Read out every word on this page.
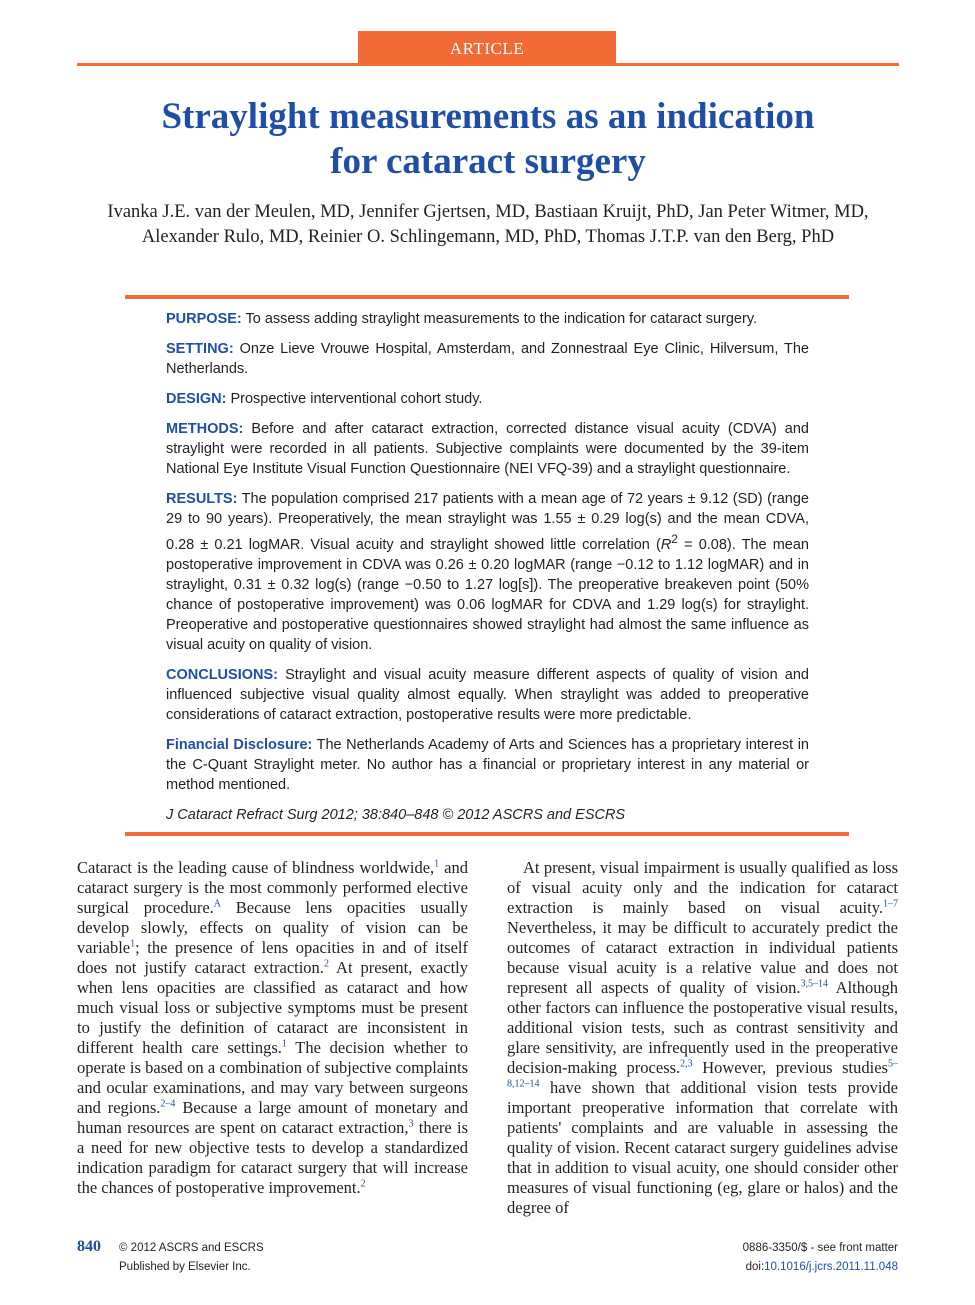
ARTICLE
Straylight measurements as an indication
for cataract surgery

Ivanka J.E. van der Meulen, MD, Jennifer Gjertsen, MD, Bastiaan Kruijt, PhD, Jan Peter Witmer, MD,
Alexander Rulo, MD, Reinier O. Schlingemann, MD, PhD, Thomas J.T.P. van den Berg, PhD

PURPOSE: To assess adding straylight measurements to the indication for cataract surgery.

SETTING: Onze Lieve Vrouwe Hospital, Amsterdam, and Zonnestraal Eye Clinic, Hilversum, The Netherlands.

DESIGN: Prospective interventional cohort study.

METHODS: Before and after cataract extraction, corrected distance visual acuity (CDVA) and straylight were recorded in all patients. Subjective complaints were documented by the 39-item National Eye Institute Visual Function Questionnaire (NEI VFQ-39) and a straylight questionnaire.

RESULTS: The population comprised 217 patients with a mean age of 72 years ± 9.12 (SD) (range 29 to 90 years). Preoperatively, the mean straylight was 1.55 ± 0.29 log(s) and the mean CDVA, 0.28 ± 0.21 logMAR. Visual acuity and straylight showed little correlation $(R^2 = 0.08)$. The mean postoperative improvement in CDVA was 0.26 ± 0.20 logMAR (range −0.12 to 1.12 logMAR) and in straylight, 0.31 ± 0.32 log(s) (range −0.50 to 1.27 log[s]). The preoperative breakeven point (50% chance of postoperative improvement) was 0.06 logMAR for CDVA and 1.29 log(s) for straylight. Preoperative and postoperative questionnaires showed straylight had almost the same influence as visual acuity on quality of vision.

CONCLUSIONS: Straylight and visual acuity measure different aspects of quality of vision and influenced subjective visual quality almost equally. When straylight was added to preoperative considerations of cataract extraction, postoperative results were more predictable.

Financial Disclosure: The Netherlands Academy of Arts and Sciences has a proprietary interest in the C-Quant Straylight meter. No author has a financial or proprietary interest in any material or method mentioned.

J Cataract Refract Surg 2012; 38:840–848 © 2012 ASCRS and ESCRS

Cataract is the leading cause of blindness worldwide,$^1$ and cataract surgery is the most commonly performed elective surgical procedure.$^A$ Because lens opacities usually develop slowly, effects on quality of vision can be variable$^1$; the presence of lens opacities in and of itself does not justify cataract extraction.$^2$ At present, exactly when lens opacities are classified as cataract and how much visual loss or subjective symptoms must be present to justify the definition of cataract are inconsistent in different health care settings.$^1$ The decision whether to operate is based on a combination of subjective complaints and ocular examinations, and may vary between surgeons and regions.$^{2-4}$ Because a large amount of monetary and human resources are spent on cataract extraction,$^3$ there is a need for new objective tests to develop a standardized indication paradigm for cataract surgery that will increase the chances of postoperative improvement.$^2$

At present, visual impairment is usually qualified as loss of visual acuity only and the indication for cataract extraction is mainly based on visual acuity.$^{1-7}$ Nevertheless, it may be difficult to accurately predict the outcomes of cataract extraction in individual patients because visual acuity is a relative value and does not represent all aspects of quality of vision.$^{3,5-14}$ Although other factors can influence the postoperative visual results, additional vision tests, such as contrast sensitivity and glare sensitivity, are infrequently used in the preoperative decision-making process.$^{2,3}$ However, previous studies$^{5-8,12-14}$ have shown that additional vision tests provide important preoperative information that correlate with patients' complaints and are valuable in assessing the quality of vision. Recent cataract surgery guidelines advise that in addition to visual acuity, one should consider other measures of visual functioning (eg, glare or halos) and the degree of

840 © 2012 ASCRS and ESCRS
Published by Elsevier Inc.
0886-3350/$ - see front matter
doi:10.1016/j.jcrs.2011.11.048
